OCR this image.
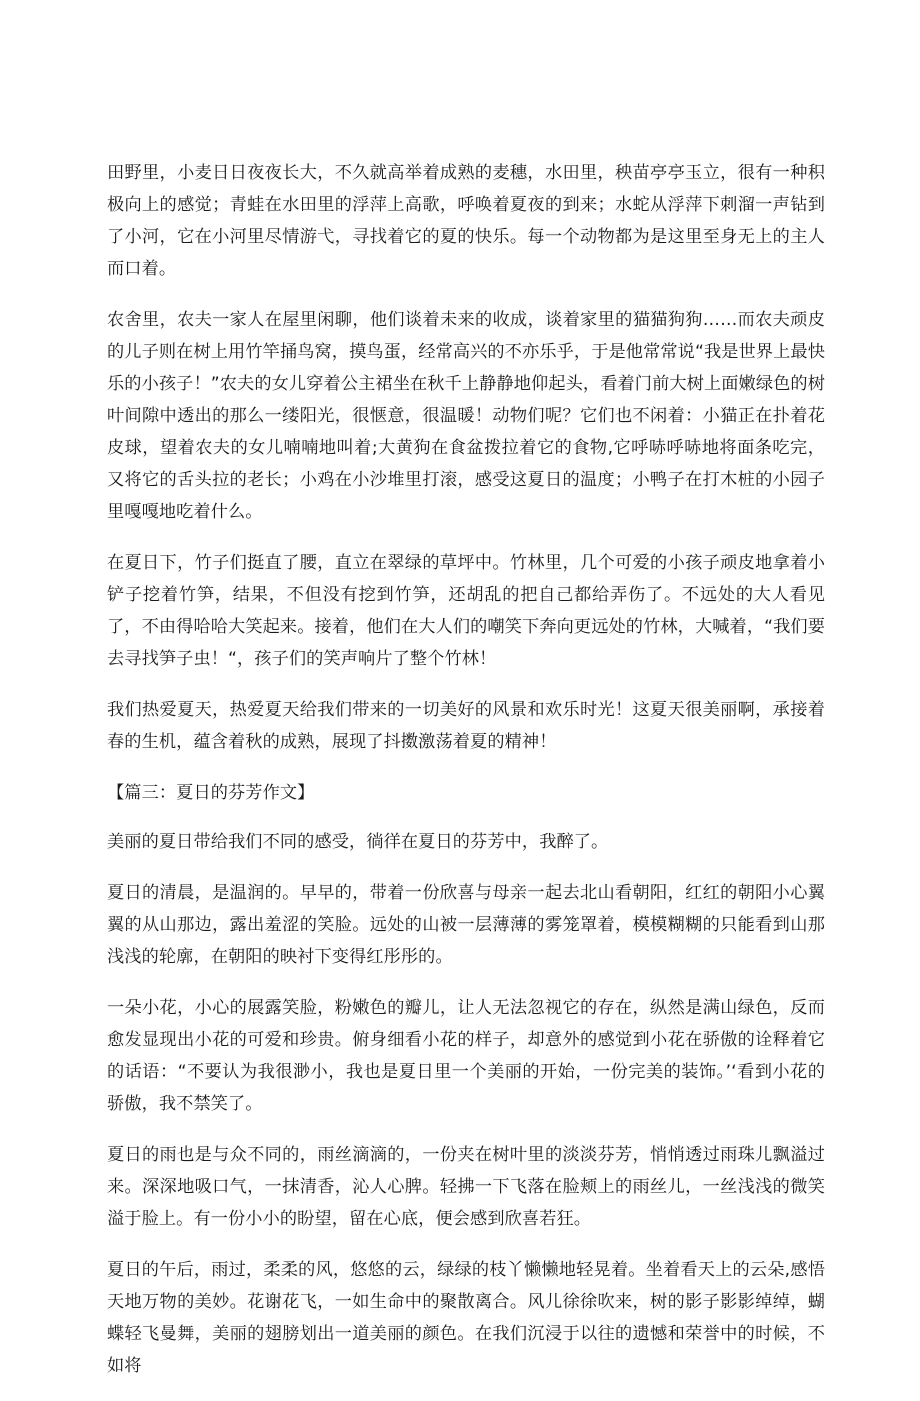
田野里，小麦日日夜夜长大，不久就高举着成熟的麦穗，水田里，秧苗亭亭玉立，很有一种积极向上的感觉；青蛙在水田里的浮萍上高歌，呼唤着夏夜的到来；水蛇从浮萍下刺溜一声钻到了小河，它在小河里尽情游弋，寻找着它的夏的快乐。每一个动物都为是这里至身无上的主人而口着。

农舍里，农夫一家人在屋里闲聊，他们谈着未来的收成，谈着家里的猫猫狗狗……而农夫顽皮的儿子则在树上用竹竿捅鸟窝，摸鸟蛋，经常高兴的不亦乐乎，于是他常常说“我是世界上最快乐的小孩子！”农夫的女儿穿着公主裙坐在秋千上静静地仰起头，看着门前大树上面嫩绿色的树叶间隙中透出的那么一缕阳光，很惬意，很温暖！动物们呢？它们也不闲着：小猫正在扑着花皮球，望着农夫的女儿喃喃地叫着;大黄狗在食盆拨拉着它的食物,它呼哧呼哧地将面条吃完，又将它的舌头拉的老长；小鸡在小沙堆里打滚，感受这夏日的温度；小鸭子在打木桩的小园子里嘎嘎地吃着什么。

在夏日下，竹子们挺直了腰，直立在翠绿的草坪中。竹林里，几个可爱的小孩子顽皮地拿着小铲子挖着竹笋，结果，不但没有挖到竹笋，还胡乱的把自己都给弄伤了。不远处的大人看见了，不由得哈哈大笑起来。接着，他们在大人们的嘲笑下奔向更远处的竹林，大喊着，“我们要去寻找笋子虫！“，孩子们的笑声响片了整个竹林！

我们热爱夏天，热爱夏天给我们带来的一切美好的风景和欢乐时光！这夏天很美丽啊，承接着春的生机，蕴含着秋的成熟，展现了抖擞激荡着夏的精神！

【篇三：夏日的芬芳作文】

美丽的夏日带给我们不同的感受，徜徉在夏日的芬芳中，我醉了。

夏日的清晨，是温润的。早早的，带着一份欣喜与母亲一起去北山看朝阳，红红的朝阳小心翼翼的从山那边，露出羞涩的笑脸。远处的山被一层薄薄的雾笼罩着，模模糊糊的只能看到山那浅浅的轮廓，在朝阳的映衬下变得红彤彤的。

一朵小花，小心的展露笑脸，粉嫩色的瓣儿，让人无法忽视它的存在，纵然是满山绿色，反而愈发显现出小花的可爱和珍贵。俯身细看小花的样子，却意外的感觉到小花在骄傲的诠释着它的话语：“不要认为我很渺小，我也是夏日里一个美丽的开始，一份完美的装饰。’‘看到小花的骄傲，我不禁笑了。

夏日的雨也是与众不同的，雨丝滴滴的，一份夹在树叶里的淡淡芬芳，悄悄透过雨珠儿飘溢过来。深深地吸口气，一抹清香，沁人心脾。轻拂一下飞落在脸颊上的雨丝儿，一丝浅浅的微笑溢于脸上。有一份小小的盼望，留在心底，便会感到欣喜若狂。

夏日的午后，雨过，柔柔的风，悠悠的云，绿绿的枝丫懒懒地轻晃着。坐着看天上的云朵,感悟天地万物的美妙。花谢花飞，一如生命中的聚散离合。风儿徐徐吹来，树的影子影影绰绰，蝴蝶轻飞曼舞，美丽的翅膀划出一道美丽的颜色。在我们沉浸于以往的遗憾和荣誉中的时候，不如将
